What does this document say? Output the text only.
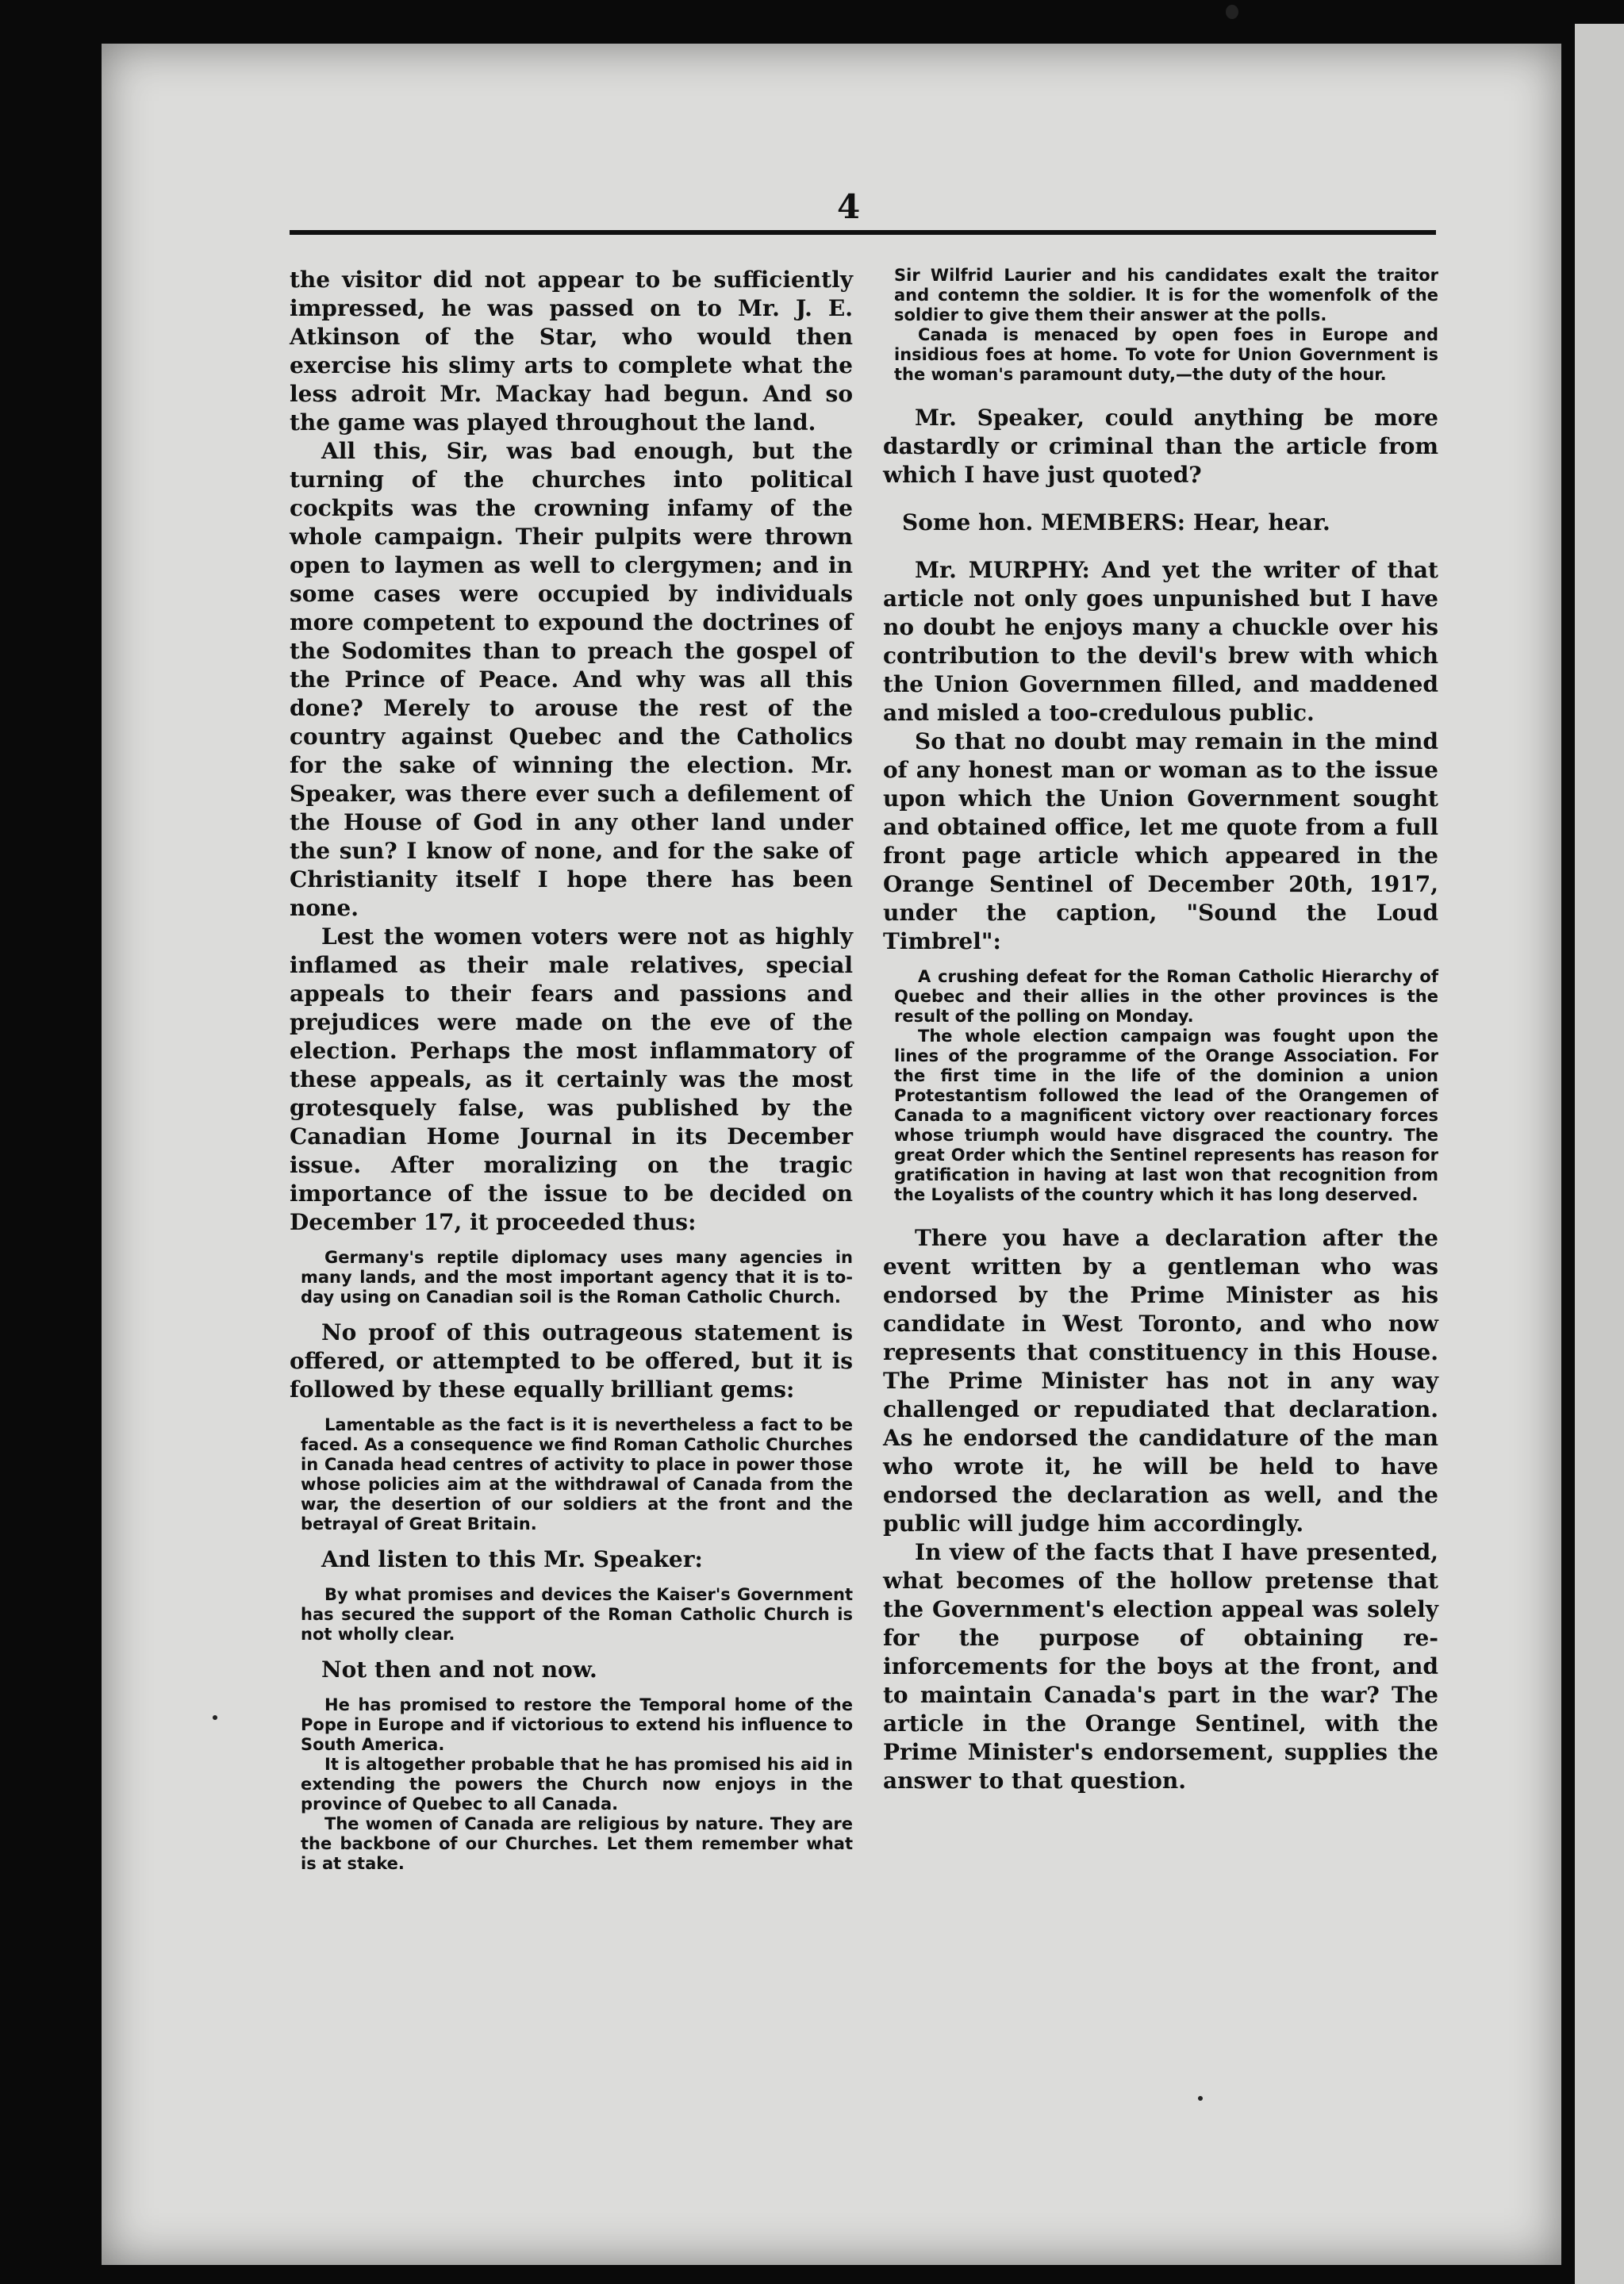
4

the visitor did not appear to be sufficiently impressed, he was passed on to Mr. J. E. Atkinson of the Star, who would then exercise his slimy arts to complete what the less adroit Mr. Mackay had begun. And so the game was played throughout the land.

All this, Sir, was bad enough, but the turning of the churches into political cockpits was the crowning infamy of the whole campaign. Their pulpits were thrown open to laymen as well to clergymen; and in some cases were occupied by individuals more competent to expound the doctrines of the Sodomites than to preach the gospel of the Prince of Peace. And why was all this done? Merely to arouse the rest of the country against Quebec and the Catholics for the sake of winning the election. Mr. Speaker, was there ever such a defilement of the House of God in any other land under the sun? I know of none, and for the sake of Christianity itself I hope there has been none.

Lest the women voters were not as highly inflamed as their male relatives, special appeals to their fears and passions and prejudices were made on the eve of the election. Perhaps the most inflammatory of these appeals, as it certainly was the most grotesquely false, was published by the Canadian Home Journal in its December issue. After moralizing on the tragic importance of the issue to be decided on December 17, it proceeded thus:

Germany's reptile diplomacy uses many agencies in many lands, and the most important agency that it is to-day using on Canadian soil is the Roman Catholic Church.

No proof of this outrageous statement is offered, or attempted to be offered, but it is followed by these equally brilliant gems:

Lamentable as the fact is it is nevertheless a fact to be faced. As a consequence we find Roman Catholic Churches in Canada head centres of activity to place in power those whose policies aim at the withdrawal of Canada from the war, the desertion of our soldiers at the front and the betrayal of Great Britain.

And listen to this Mr. Speaker:

By what promises and devices the Kaiser's Government has secured the support of the Roman Catholic Church is not wholly clear.

Not then and not now.

He has promised to restore the Temporal home of the Pope in Europe and if victorious to extend his influence to South America.

It is altogether probable that he has promised his aid in extending the powers the Church now enjoys in the province of Quebec to all Canada.

The women of Canada are religious by nature. They are the backbone of our Churches. Let them remember what is at stake.

Sir Wilfrid Laurier and his candidates exalt the traitor and contemn the soldier. It is for the womenfolk of the soldier to give them their answer at the polls.

Canada is menaced by open foes in Europe and insidious foes at home. To vote for Union Government is the woman's paramount duty,—the duty of the hour.

Mr. Speaker, could anything be more dastardly or criminal than the article from which I have just quoted?

Some hon. MEMBERS: Hear, hear.

Mr. MURPHY: And yet the writer of that article not only goes unpunished but I have no doubt he enjoys many a chuckle over his contribution to the devil's brew with which the Union Governmen filled, and maddened and misled a too-credulous public.

So that no doubt may remain in the mind of any honest man or woman as to the issue upon which the Union Government sought and obtained office, let me quote from a full front page article which appeared in the Orange Sentinel of December 20th, 1917, under the caption, "Sound the Loud Timbrel":

A crushing defeat for the Roman Catholic Hierarchy of Quebec and their allies in the other provinces is the result of the polling on Monday.

The whole election campaign was fought upon the lines of the programme of the Orange Association. For the first time in the life of the dominion a union Protestantism followed the lead of the Orangemen of Canada to a magnificent victory over reactionary forces whose triumph would have disgraced the country. The great Order which the Sentinel represents has reason for gratification in having at last won that recognition from the Loyalists of the country which it has long deserved.

There you have a declaration after the event written by a gentleman who was endorsed by the Prime Minister as his candidate in West Toronto, and who now represents that constituency in this House. The Prime Minister has not in any way challenged or repudiated that declaration. As he endorsed the candidature of the man who wrote it, he will be held to have endorsed the declaration as well, and the public will judge him accordingly.

In view of the facts that I have presented, what becomes of the hollow pretense that the Government's election appeal was solely for the purpose of obtaining re-inforcements for the boys at the front, and to maintain Canada's part in the war? The article in the Orange Sentinel, with the Prime Minister's endorsement, supplies the answer to that question.
